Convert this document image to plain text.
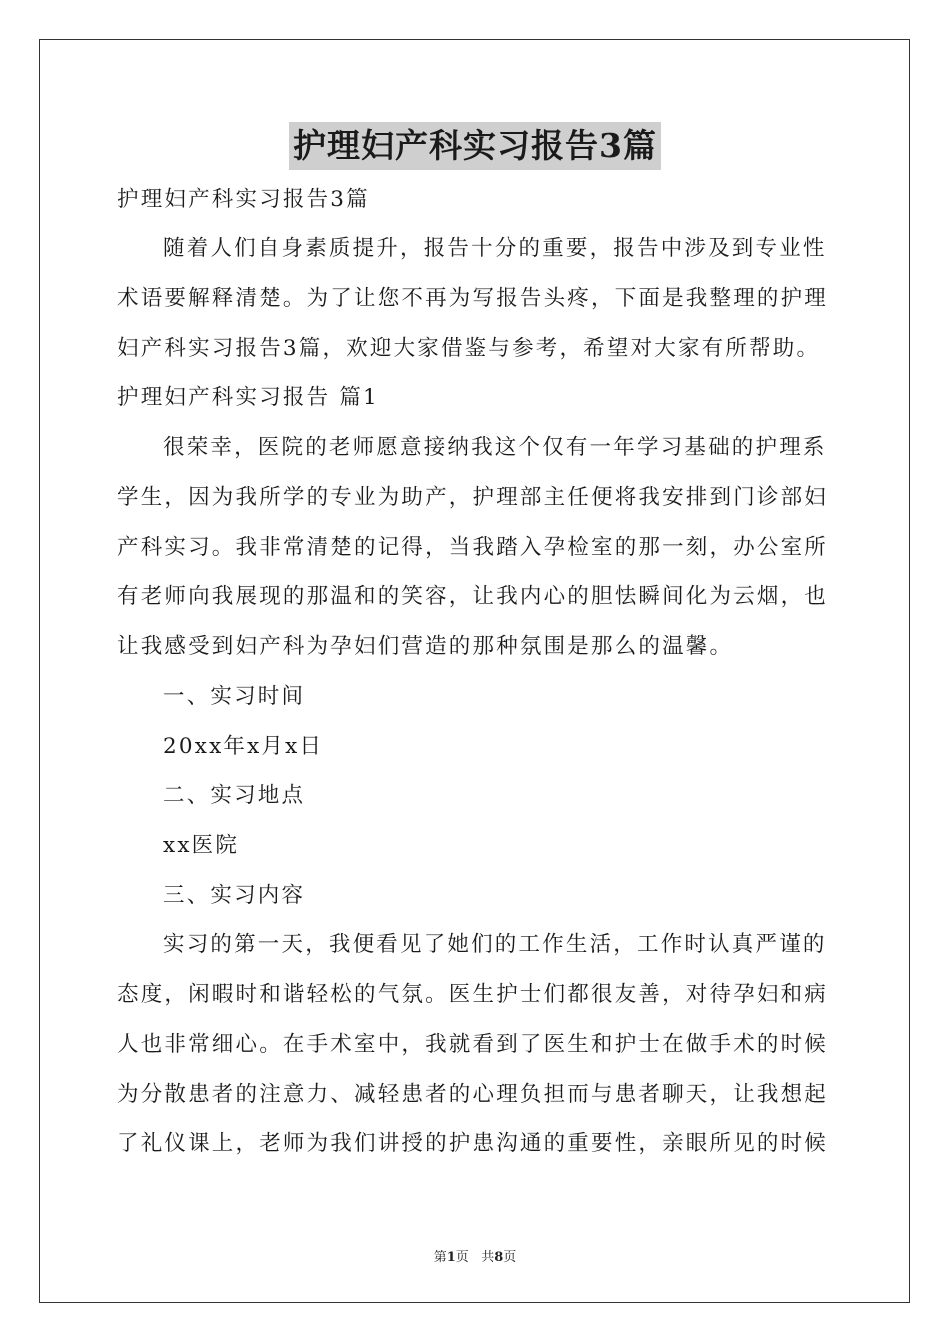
护理妇产科实习报告3篇
护理妇产科实习报告3篇
随着人们自身素质提升，报告十分的重要，报告中涉及到专业性
术语要解释清楚。为了让您不再为写报告头疼，下面是我整理的护理
妇产科实习报告3篇，欢迎大家借鉴与参考，希望对大家有所帮助。
护理妇产科实习报告 篇1
很荣幸，医院的老师愿意接纳我这个仅有一年学习基础的护理系
学生，因为我所学的专业为助产，护理部主任便将我安排到门诊部妇
产科实习。我非常清楚的记得，当我踏入孕检室的那一刻，办公室所
有老师向我展现的那温和的笑容，让我内心的胆怯瞬间化为云烟，也
让我感受到妇产科为孕妇们营造的那种氛围是那么的温馨。
一、实习时间
20xx年x月x日
二、实习地点
xx医院
三、实习内容
实习的第一天，我便看见了她们的工作生活，工作时认真严谨的
态度，闲暇时和谐轻松的气氛。医生护士们都很友善，对待孕妇和病
人也非常细心。在手术室中，我就看到了医生和护士在做手术的时候
为分散患者的注意力、减轻患者的心理负担而与患者聊天，让我想起
了礼仪课上，老师为我们讲授的护患沟通的重要性，亲眼所见的时候
第1页 共8页
